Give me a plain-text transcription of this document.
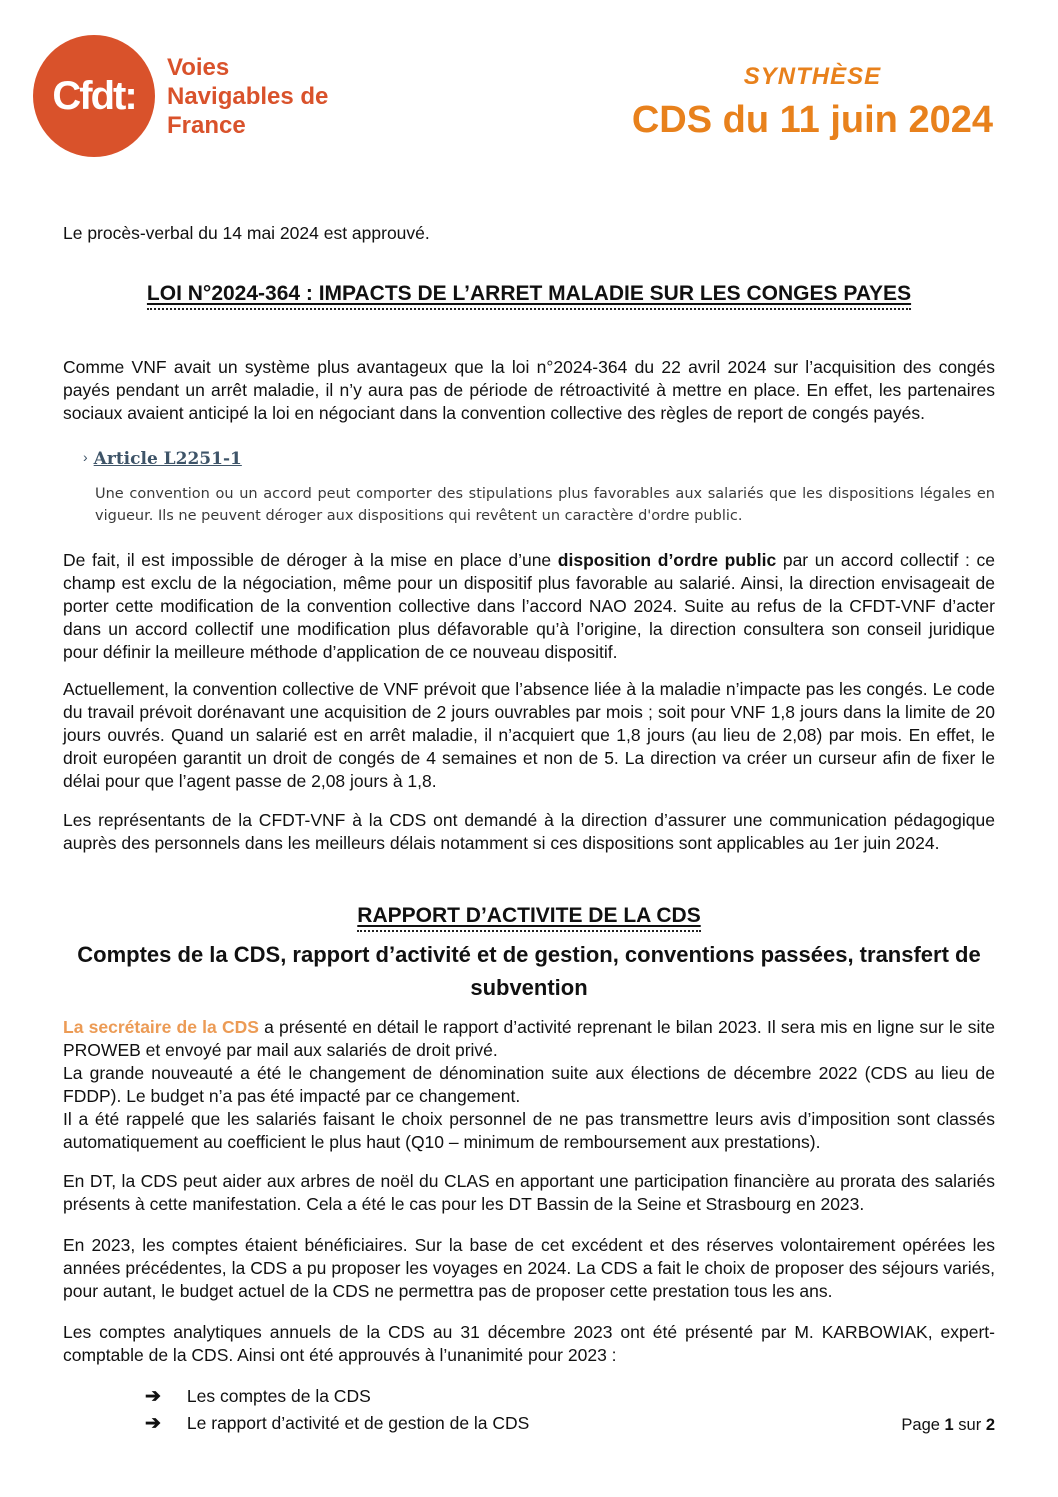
Cfdt:
Voies
Navigables de
France
SYNTHÈSE
CDS du 11 juin 2024

Le procès-verbal du 14 mai 2024 est approuvé.

LOI N°2024-364 : IMPACTS DE L’ARRET MALADIE SUR LES CONGES PAYES

Comme VNF avait un système plus avantageux que la loi n°2024-364 du 22 avril 2024 sur l’acquisition des congés payés pendant un arrêt maladie, il n’y aura pas de période de rétroactivité à mettre en place. En effet, les partenaires sociaux avaient anticipé la loi en négociant dans la convention collective des règles de report de congés payés.

› Article L2251-1

Une convention ou un accord peut comporter des stipulations plus favorables aux salariés que les dispositions légales en vigueur. Ils ne peuvent déroger aux dispositions qui revêtent un caractère d'ordre public.

De fait, il est impossible de déroger à la mise en place d’une disposition d’ordre public par un accord collectif : ce champ est exclu de la négociation, même pour un dispositif plus favorable au salarié. Ainsi, la direction envisageait de porter cette modification de la convention collective dans l’accord NAO 2024. Suite au refus de la CFDT-VNF d’acter dans un accord collectif une modification plus défavorable qu’à l’origine, la direction consultera son conseil juridique pour définir la meilleure méthode d’application de ce nouveau dispositif.

Actuellement, la convention collective de VNF prévoit que l’absence liée à la maladie n’impacte pas les congés. Le code du travail prévoit dorénavant une acquisition de 2 jours ouvrables par mois ; soit pour VNF 1,8 jours dans la limite de 20 jours ouvrés. Quand un salarié est en arrêt maladie, il n’acquiert que 1,8 jours (au lieu de 2,08) par mois. En effet, le droit européen garantit un droit de congés de 4 semaines et non de 5. La direction va créer un curseur afin de fixer le délai pour que l’agent passe de 2,08 jours à 1,8.

Les représentants de la CFDT-VNF à la CDS ont demandé à la direction d’assurer une communication pédagogique auprès des personnels dans les meilleurs délais notamment si ces dispositions sont applicables au 1er juin 2024.

RAPPORT D’ACTIVITE DE LA CDS
Comptes de la CDS, rapport d’activité et de gestion, conventions passées, transfert de subvention

La secrétaire de la CDS a présenté en détail le rapport d’activité reprenant le bilan 2023. Il sera mis en ligne sur le site PROWEB et envoyé par mail aux salariés de droit privé.

La grande nouveauté a été le changement de dénomination suite aux élections de décembre 2022 (CDS au lieu de FDDP). Le budget n’a pas été impacté par ce changement.

Il a été rappelé que les salariés faisant le choix personnel de ne pas transmettre leurs avis d’imposition sont classés automatiquement au coefficient le plus haut (Q10 – minimum de remboursement aux prestations).

En DT, la CDS peut aider aux arbres de noël du CLAS en apportant une participation financière au prorata des salariés présents à cette manifestation. Cela a été le cas pour les DT Bassin de la Seine et Strasbourg en 2023.

En 2023, les comptes étaient bénéficiaires. Sur la base de cet excédent et des réserves volontairement opérées les années précédentes, la CDS a pu proposer les voyages en 2024. La CDS a fait le choix de proposer des séjours variés, pour autant, le budget actuel de la CDS ne permettra pas de proposer cette prestation tous les ans.

Les comptes analytiques annuels de la CDS au 31 décembre 2023 ont été présenté par M. KARBOWIAK, expert-comptable de la CDS. Ainsi ont été approuvés à l’unanimité pour 2023 :

➔ Les comptes de la CDS
➔ Le rapport d’activité et de gestion de la CDS	Page 1 sur 2
